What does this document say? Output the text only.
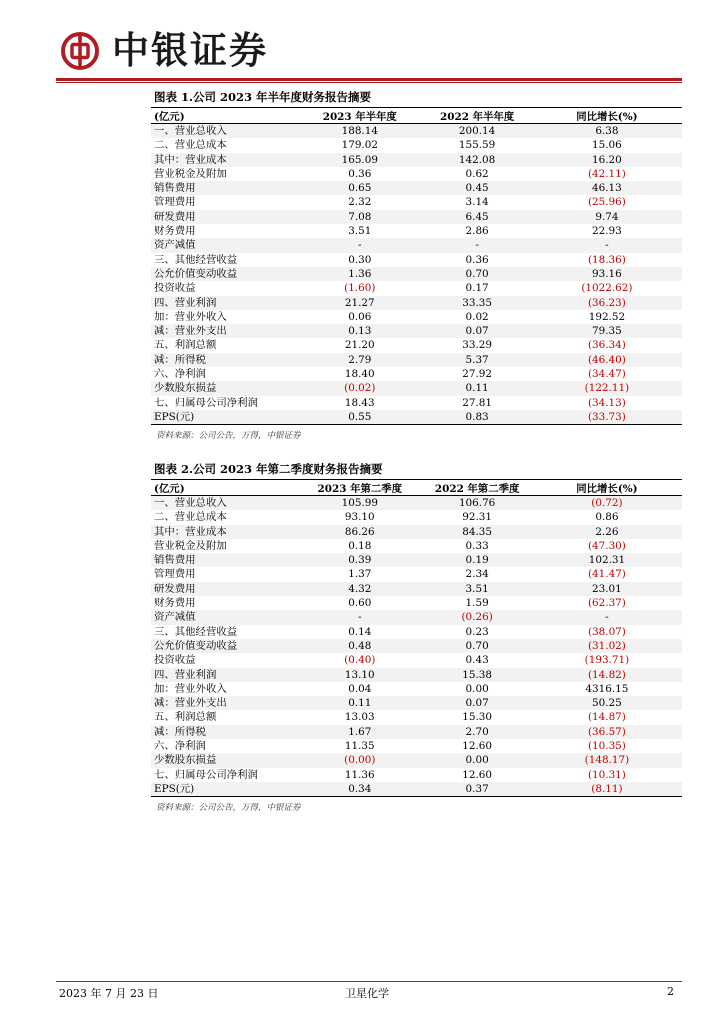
中银证券
图表 1.公司 2023 年半年度财务报告摘要
(亿元)	2023 年半年度	2022 年半年度	同比增长(%)
一、营业总收入	188.14	200.14	6.38
二、营业总成本	179.02	155.59	15.06
其中：营业成本	165.09	142.08	16.20
营业税金及附加	0.36	0.62	(42.11)
销售费用	0.65	0.45	46.13
管理费用	2.32	3.14	(25.96)
研发费用	7.08	6.45	9.74
财务费用	3.51	2.86	22.93
资产减值	-	-	-
三、其他经营收益	0.30	0.36	(18.36)
公允价值变动收益	1.36	0.70	93.16
投资收益	(1.60)	0.17	(1022.62)
四、营业利润	21.27	33.35	(36.23)
加：营业外收入	0.06	0.02	192.52
减：营业外支出	0.13	0.07	79.35
五、利润总额	21.20	33.29	(36.34)
减：所得税	2.79	5.37	(46.40)
六、净利润	18.40	27.92	(34.47)
少数股东损益	(0.02)	0.11	(122.11)
七、归属母公司净利润	18.43	27.81	(34.13)
EPS(元)	0.55	0.83	(33.73)
资料来源：公司公告，万得，中银证券
图表 2.公司 2023 年第二季度财务报告摘要
(亿元)	2023 年第二季度	2022 年第二季度	同比增长(%)
一、营业总收入	105.99	106.76	(0.72)
二、营业总成本	93.10	92.31	0.86
其中：营业成本	86.26	84.35	2.26
营业税金及附加	0.18	0.33	(47.30)
销售费用	0.39	0.19	102.31
管理费用	1.37	2.34	(41.47)
研发费用	4.32	3.51	23.01
财务费用	0.60	1.59	(62.37)
资产减值	-	(0.26)	-
三、其他经营收益	0.14	0.23	(38.07)
公允价值变动收益	0.48	0.70	(31.02)
投资收益	(0.40)	0.43	(193.71)
四、营业利润	13.10	15.38	(14.82)
加：营业外收入	0.04	0.00	4316.15
减：营业外支出	0.11	0.07	50.25
五、利润总额	13.03	15.30	(14.87)
减：所得税	1.67	2.70	(36.57)
六、净利润	11.35	12.60	(10.35)
少数股东损益	(0.00)	0.00	(148.17)
七、归属母公司净利润	11.36	12.60	(10.31)
EPS(元)	0.34	0.37	(8.11)
资料来源：公司公告，万得，中银证券
2023 年 7 月 23 日	卫星化学	2
